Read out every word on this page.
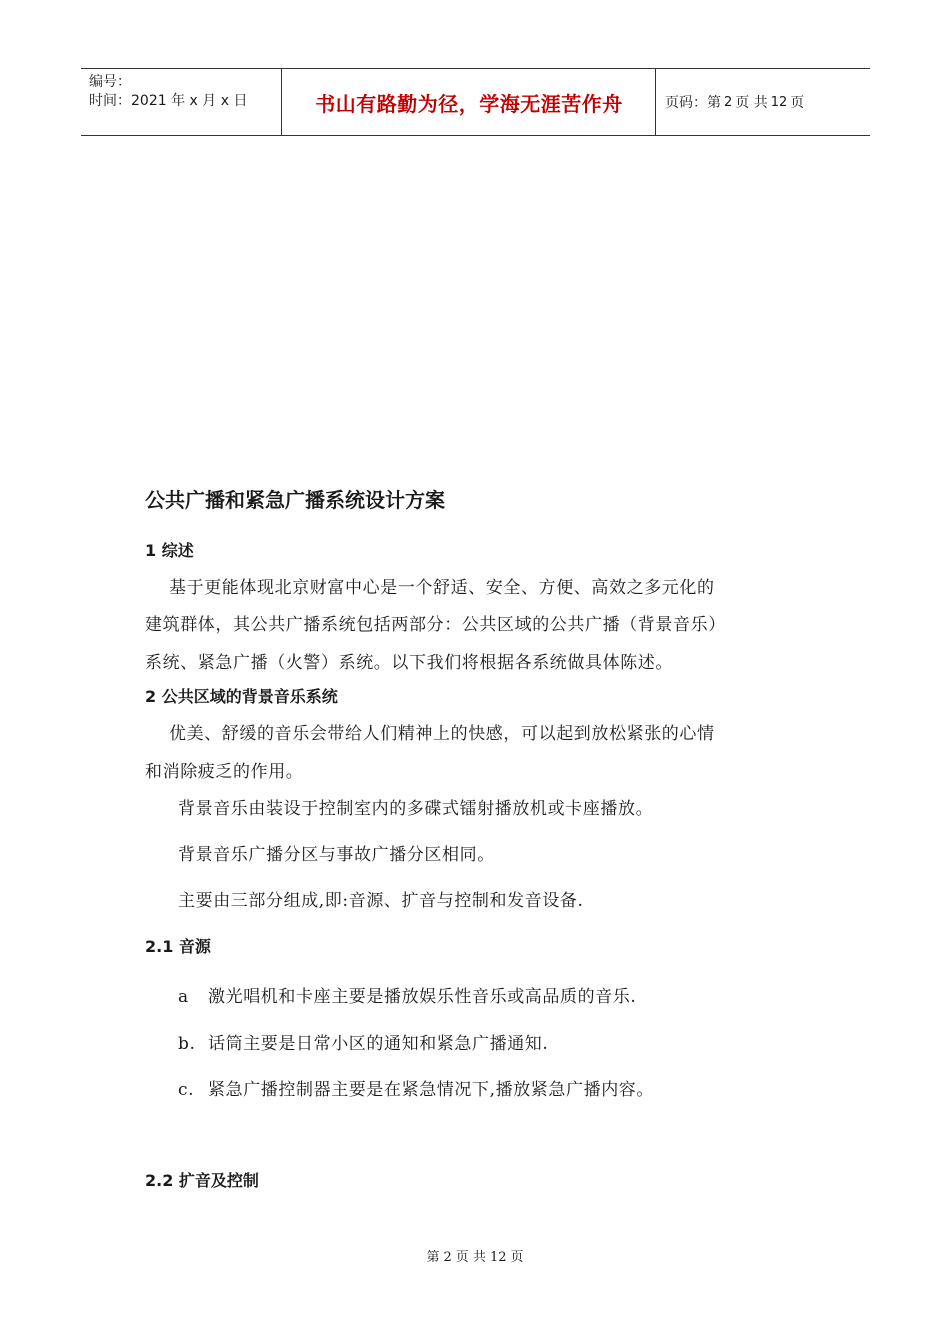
编号：
时间：2021 年 x 月 x 日	书山有路勤为径，学海无涯苦作舟	页码：第 2 页 共 12 页
公共广播和紧急广播系统设计方案
1 综述
基于更能体现北京财富中心是一个舒适、安全、方便、高效之多元化的
建筑群体，其公共广播系统包括两部分：公共区域的公共广播（背景音乐）
系统、紧急广播（火警）系统。以下我们将根据各系统做具体陈述。
2 公共区域的背景音乐系统
优美、舒缓的音乐会带给人们精神上的快感，可以起到放松紧张的心情
和消除疲乏的作用。
背景音乐由装设于控制室内的多碟式镭射播放机或卡座播放。
背景音乐广播分区与事故广播分区相同。
主要由三部分组成,即:音源、扩音与控制和发音设备.
2.1 音源
a 激光唱机和卡座主要是播放娱乐性音乐或高品质的音乐.
b. 话筒主要是日常小区的通知和紧急广播通知.
c. 紧急广播控制器主要是在紧急情况下,播放紧急广播内容。
2.2 扩音及控制
第 2 页 共 12 页
